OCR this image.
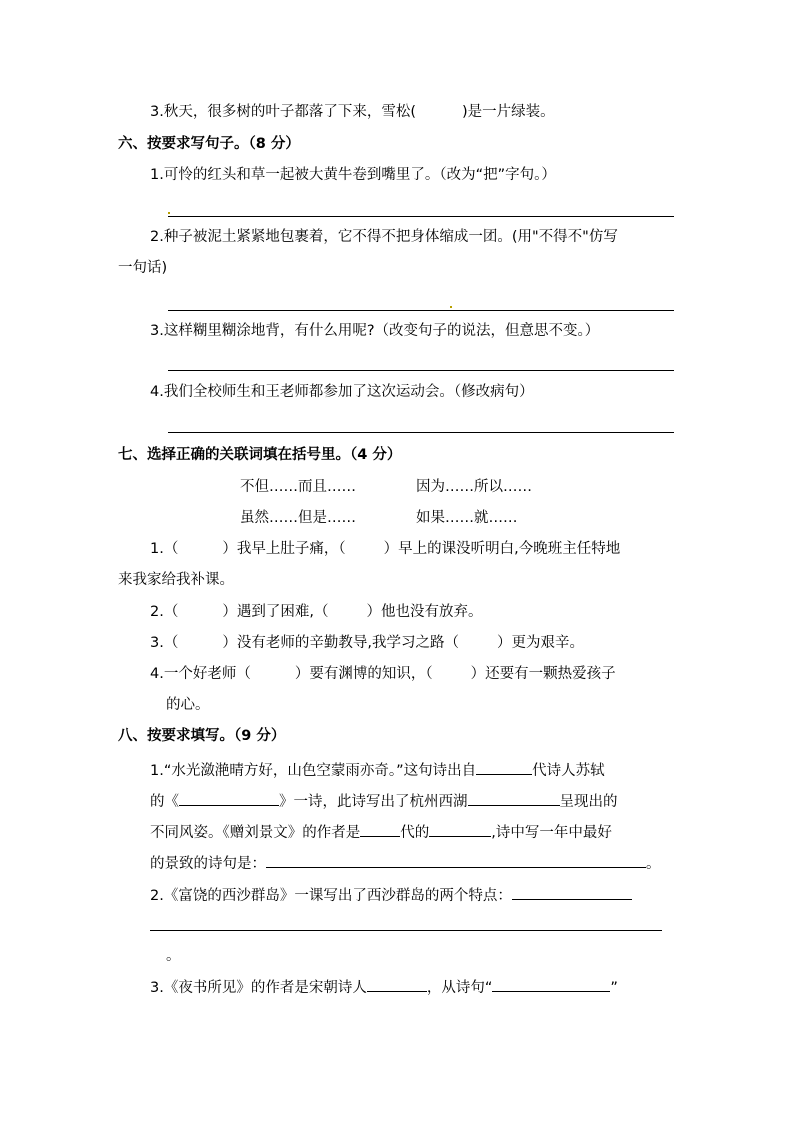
3.秋天，很多树的叶子都落了下来，雪松(	)是一片绿装。
六、按要求写句子。（8 分）
1.可怜的红头和草一起被大黄牛卷到嘴里了。（改为“把”字句。）
2.种子被泥土紧紧地包裹着，它不得不把身体缩成一团。(用"不得不"仿写
一句话)
3.这样糊里糊涂地背，有什么用呢?（改变句子的说法，但意思不变。）
4.我们全校师生和王老师都参加了这次运动会。（修改病句）
七、选择正确的关联词填在括号里。（4 分）
不但……而且……	因为……所以……
虽然……但是……	如果……就……
1.（	）我早上肚子痛，（	）早上的课没听明白,今晚班主任特地
来我家给我补课。
2.（	）遇到了困难,（	）他也没有放弃。
3.（	）没有老师的辛勤教导,我学习之路（	）更为艰辛。
4.一个好老师（	）要有渊博的知识，（	）还要有一颗热爱孩子
的心。
八、按要求填写。（9 分）
1.“水光潋滟晴方好，山色空蒙雨亦奇。”这句诗出自	代诗人苏轼
的《	》一诗，此诗写出了杭州西湖	呈现出的
不同风姿。《赠刘景文》的作者是	代的	,诗中写一年中最好
的景致的诗句是：	。
2.《富饶的西沙群岛》一课写出了西沙群岛的两个特点：
。
3.《夜书所见》的作者是宋朝诗人	，从诗句“	”
